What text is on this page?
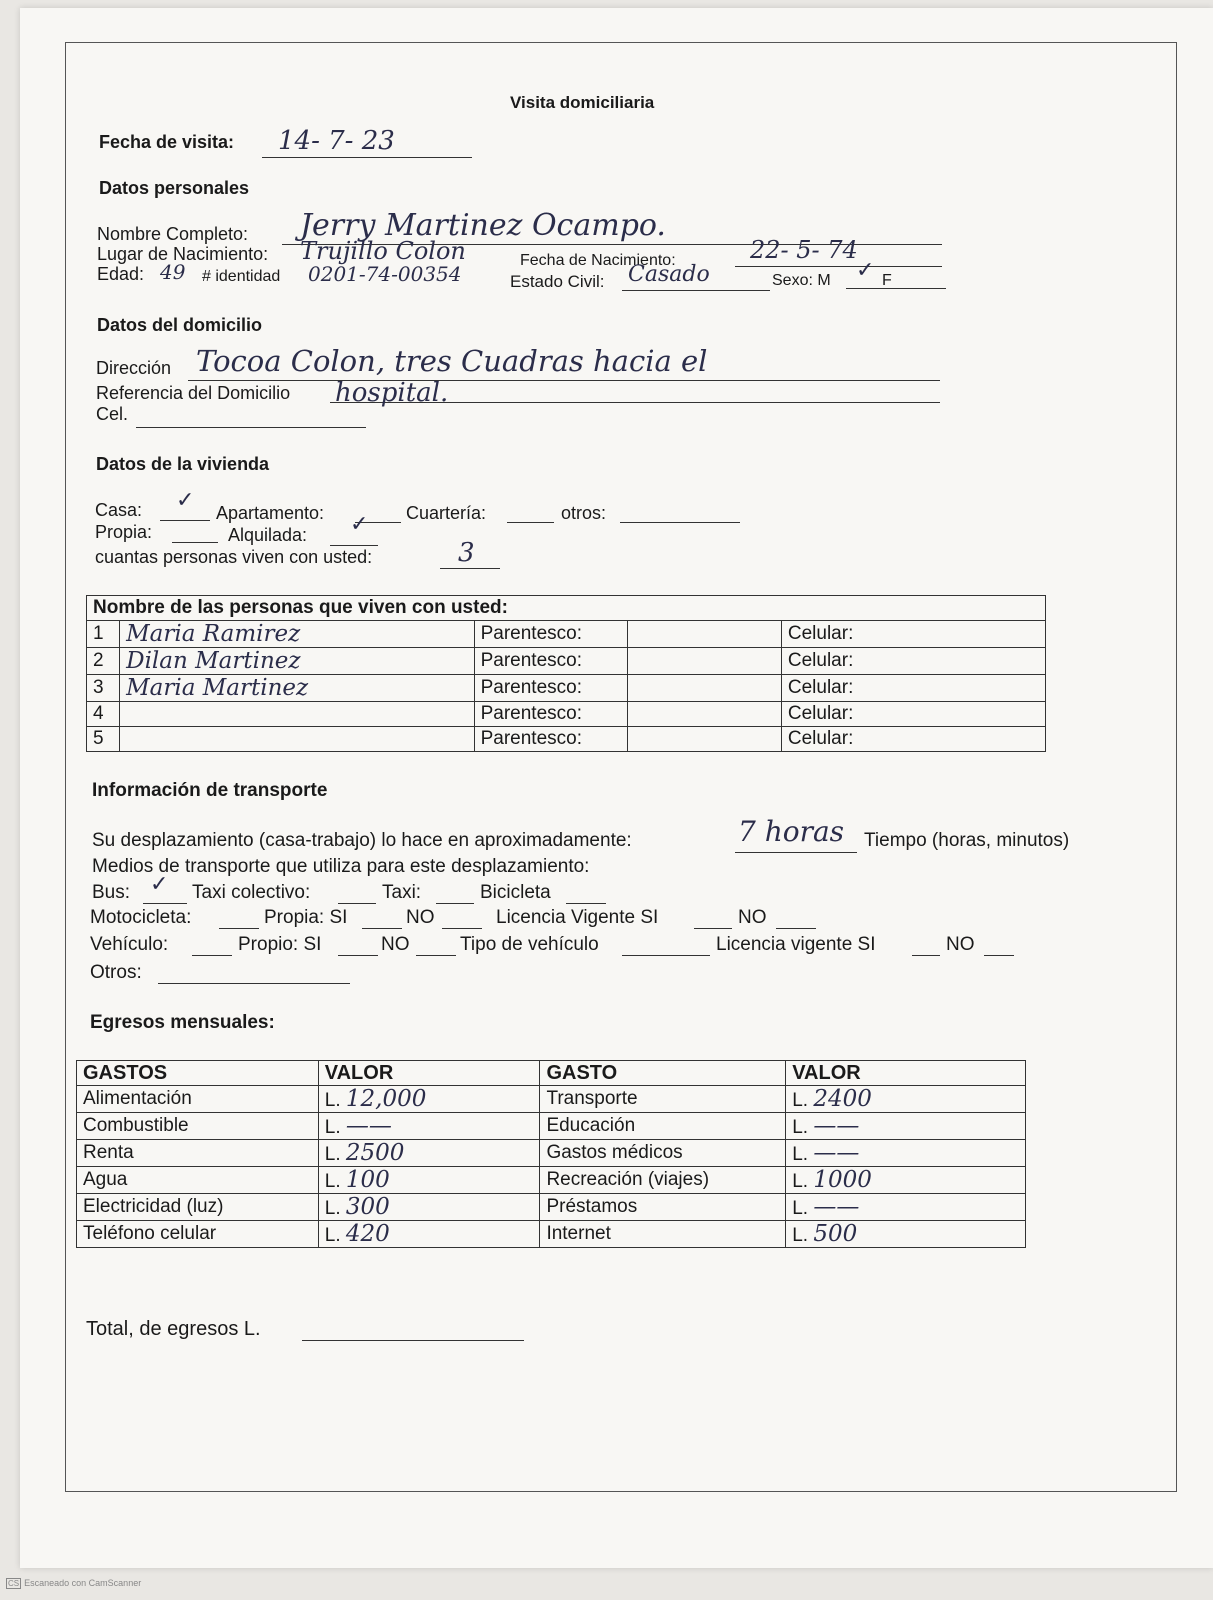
Visita domiciliaria
Fecha de visita: 14- 7- 23
Datos personales
Nombre Completo: Jerry Martinez Ocampo.
Lugar de Nacimiento: Trujillo Colon	Fecha de Nacimiento:	22- 5- 74
Edad: 49 # identidad 0201-74-00354	Estado Civil: Casado	Sexo: M ✓ F
Datos del domicilio
Dirección Tocoa Colon, tres Cuadras hacia el
Referencia del Domicilio hospital.
Cel.
Datos de la vivienda
Casa: ✓ Apartamento:	Cuartería:	otros:
Propia:	Alquilada: ✓
cuantas personas viven con usted:	3
Nombre de las personas que viven con usted:				
1	Maria Ramirez	Parentesco:		Celular:
2	Dilan Martinez	Parentesco:		Celular:
3	Maria Martinez	Parentesco:		Celular:
4		Parentesco:		Celular:
5		Parentesco:		Celular:
Información de transporte
Su desplazamiento (casa-trabajo) lo hace en aproximadamente:	7 horas Tiempo (horas, minutos)
Medios de transporte que utiliza para este desplazamiento:
Bus: ✓ Taxi colectivo:	Taxi:	Bicicleta
Motocicleta:	Propia: SI	NO	Licencia Vigente SI	NO
Vehículo:	Propio: SI	NO	Tipo de vehículo	Licencia vigente SI	NO
Otros:
Egresos mensuales:
GASTOS	VALOR	GASTO	VALOR
Alimentación	L. 12,000	Transporte	L. 2400
Combustible	L. ——	Educación	L. ——
Renta	L. 2500	Gastos médicos	L. ——
Agua	L. 100	Recreación (viajes)	L. 1000
Electricidad (luz)	L. 300	Préstamos	L. ——
Teléfono celular	L. 420	Internet	L. 500
Total, de egresos L.
CS Escaneado con CamScanner
